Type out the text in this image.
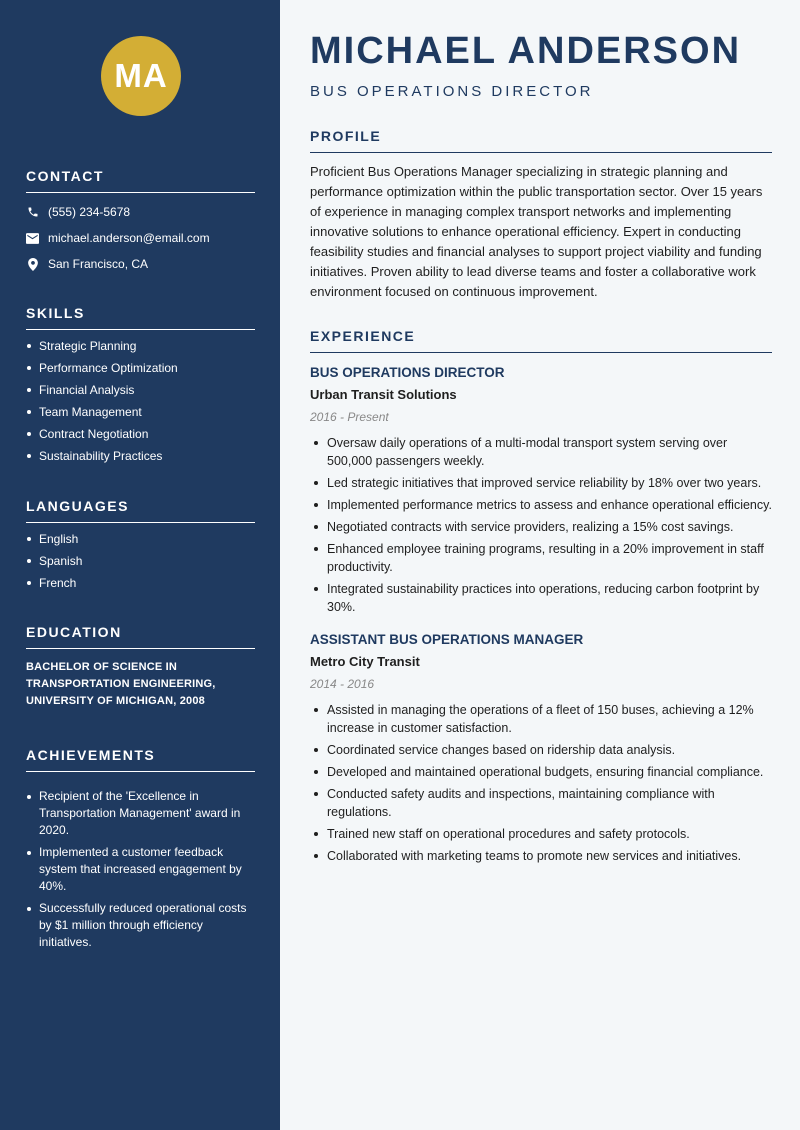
MA
CONTACT
(555) 234-5678
michael.anderson@email.com
San Francisco, CA
SKILLS
Strategic Planning
Performance Optimization
Financial Analysis
Team Management
Contract Negotiation
Sustainability Practices
LANGUAGES
English
Spanish
French
EDUCATION

BACHELOR OF SCIENCE IN TRANSPORTATION ENGINEERING, UNIVERSITY OF MICHIGAN, 2008

ACHIEVEMENTS
Recipient of the 'Excellence in Transportation Management' award in 2020.
Implemented a customer feedback system that increased engagement by 40%.
Successfully reduced operational costs by $1 million through efficiency initiatives.
MICHAEL ANDERSON
BUS OPERATIONS DIRECTOR
PROFILE

Proficient Bus Operations Manager specializing in strategic planning and performance optimization within the public transportation sector. Over 15 years of experience in managing complex transport networks and implementing innovative solutions to enhance operational efficiency. Expert in conducting feasibility studies and financial analyses to support project viability and funding initiatives. Proven ability to lead diverse teams and foster a collaborative work environment focused on continuous improvement.

EXPERIENCE
BUS OPERATIONS DIRECTOR
Urban Transit Solutions
2016 - Present
Oversaw daily operations of a multi-modal transport system serving over 500,000 passengers weekly.
Led strategic initiatives that improved service reliability by 18% over two years.
Implemented performance metrics to assess and enhance operational efficiency.
Negotiated contracts with service providers, realizing a 15% cost savings.
Enhanced employee training programs, resulting in a 20% improvement in staff productivity.
Integrated sustainability practices into operations, reducing carbon footprint by 30%.
ASSISTANT BUS OPERATIONS MANAGER
Metro City Transit
2014 - 2016
Assisted in managing the operations of a fleet of 150 buses, achieving a 12% increase in customer satisfaction.
Coordinated service changes based on ridership data analysis.
Developed and maintained operational budgets, ensuring financial compliance.
Conducted safety audits and inspections, maintaining compliance with regulations.
Trained new staff on operational procedures and safety protocols.
Collaborated with marketing teams to promote new services and initiatives.
